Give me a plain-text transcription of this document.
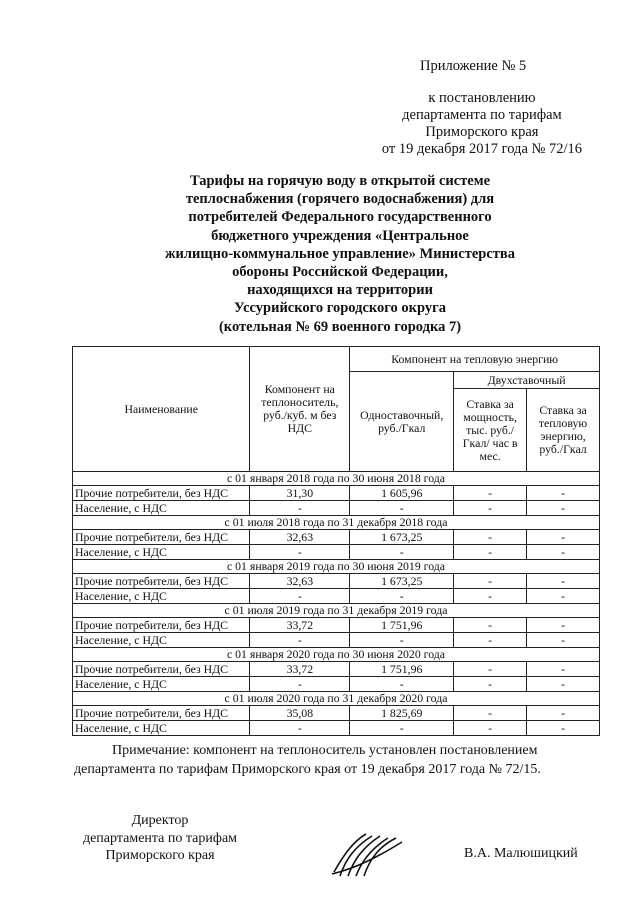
Приложение № 5
к постановлению
департамента по тарифам
Приморского края
от 19 декабря 2017 года № 72/16
Тарифы на горячую воду в открытой системе
теплоснабжения (горячего водоснабжения) для
потребителей Федерального государственного
бюджетного учреждения «Центральное
жилищно-коммунальное управление» Министерства
обороны Российской Федерации,
находящихся на территории
Уссурийского городского округа
(котельная № 69 военного городка 7)
Наименование	Компонент на теплоноситель, руб./куб. м без НДС	Компонент на тепловую энергию		
		Одноставочный, руб./Гкал	Двухставочный	
			Ставка за мощность, тыс. руб./Гкал/ час в мес.	Ставка за тепловую энергию, руб./Гкал
с 01 января 2018 года по 30 июня 2018 года				
Прочие потребители, без НДС	31,30	1 605,96	-	-
Население, с НДС	-	-	-	-
с 01 июля 2018 года по 31 декабря 2018 года				
Прочие потребители, без НДС	32,63	1 673,25	-	-
Население, с НДС	-	-	-	-
с 01 января 2019 года по 30 июня 2019 года				
Прочие потребители, без НДС	32,63	1 673,25	-	-
Население, с НДС	-	-	-	-
с 01 июля 2019 года по 31 декабря 2019 года				
Прочие потребители, без НДС	33,72	1 751,96	-	-
Население, с НДС	-	-	-	-
с 01 января 2020 года по 30 июня 2020 года				
Прочие потребители, без НДС	33,72	1 751,96	-	-
Население, с НДС	-	-	-	-
с 01 июля 2020 года по 31 декабря 2020 года				
Прочие потребители, без НДС	35,08	1 825,69	-	-
Население, с НДС	-	-	-	-
Примечание: компонент на теплоноситель установлен постановлением
департамента по тарифам Приморского края от 19 декабря 2017 года № 72/15.
Директор
департамента по тарифам
Приморского края	В.А. Малюшицкий
